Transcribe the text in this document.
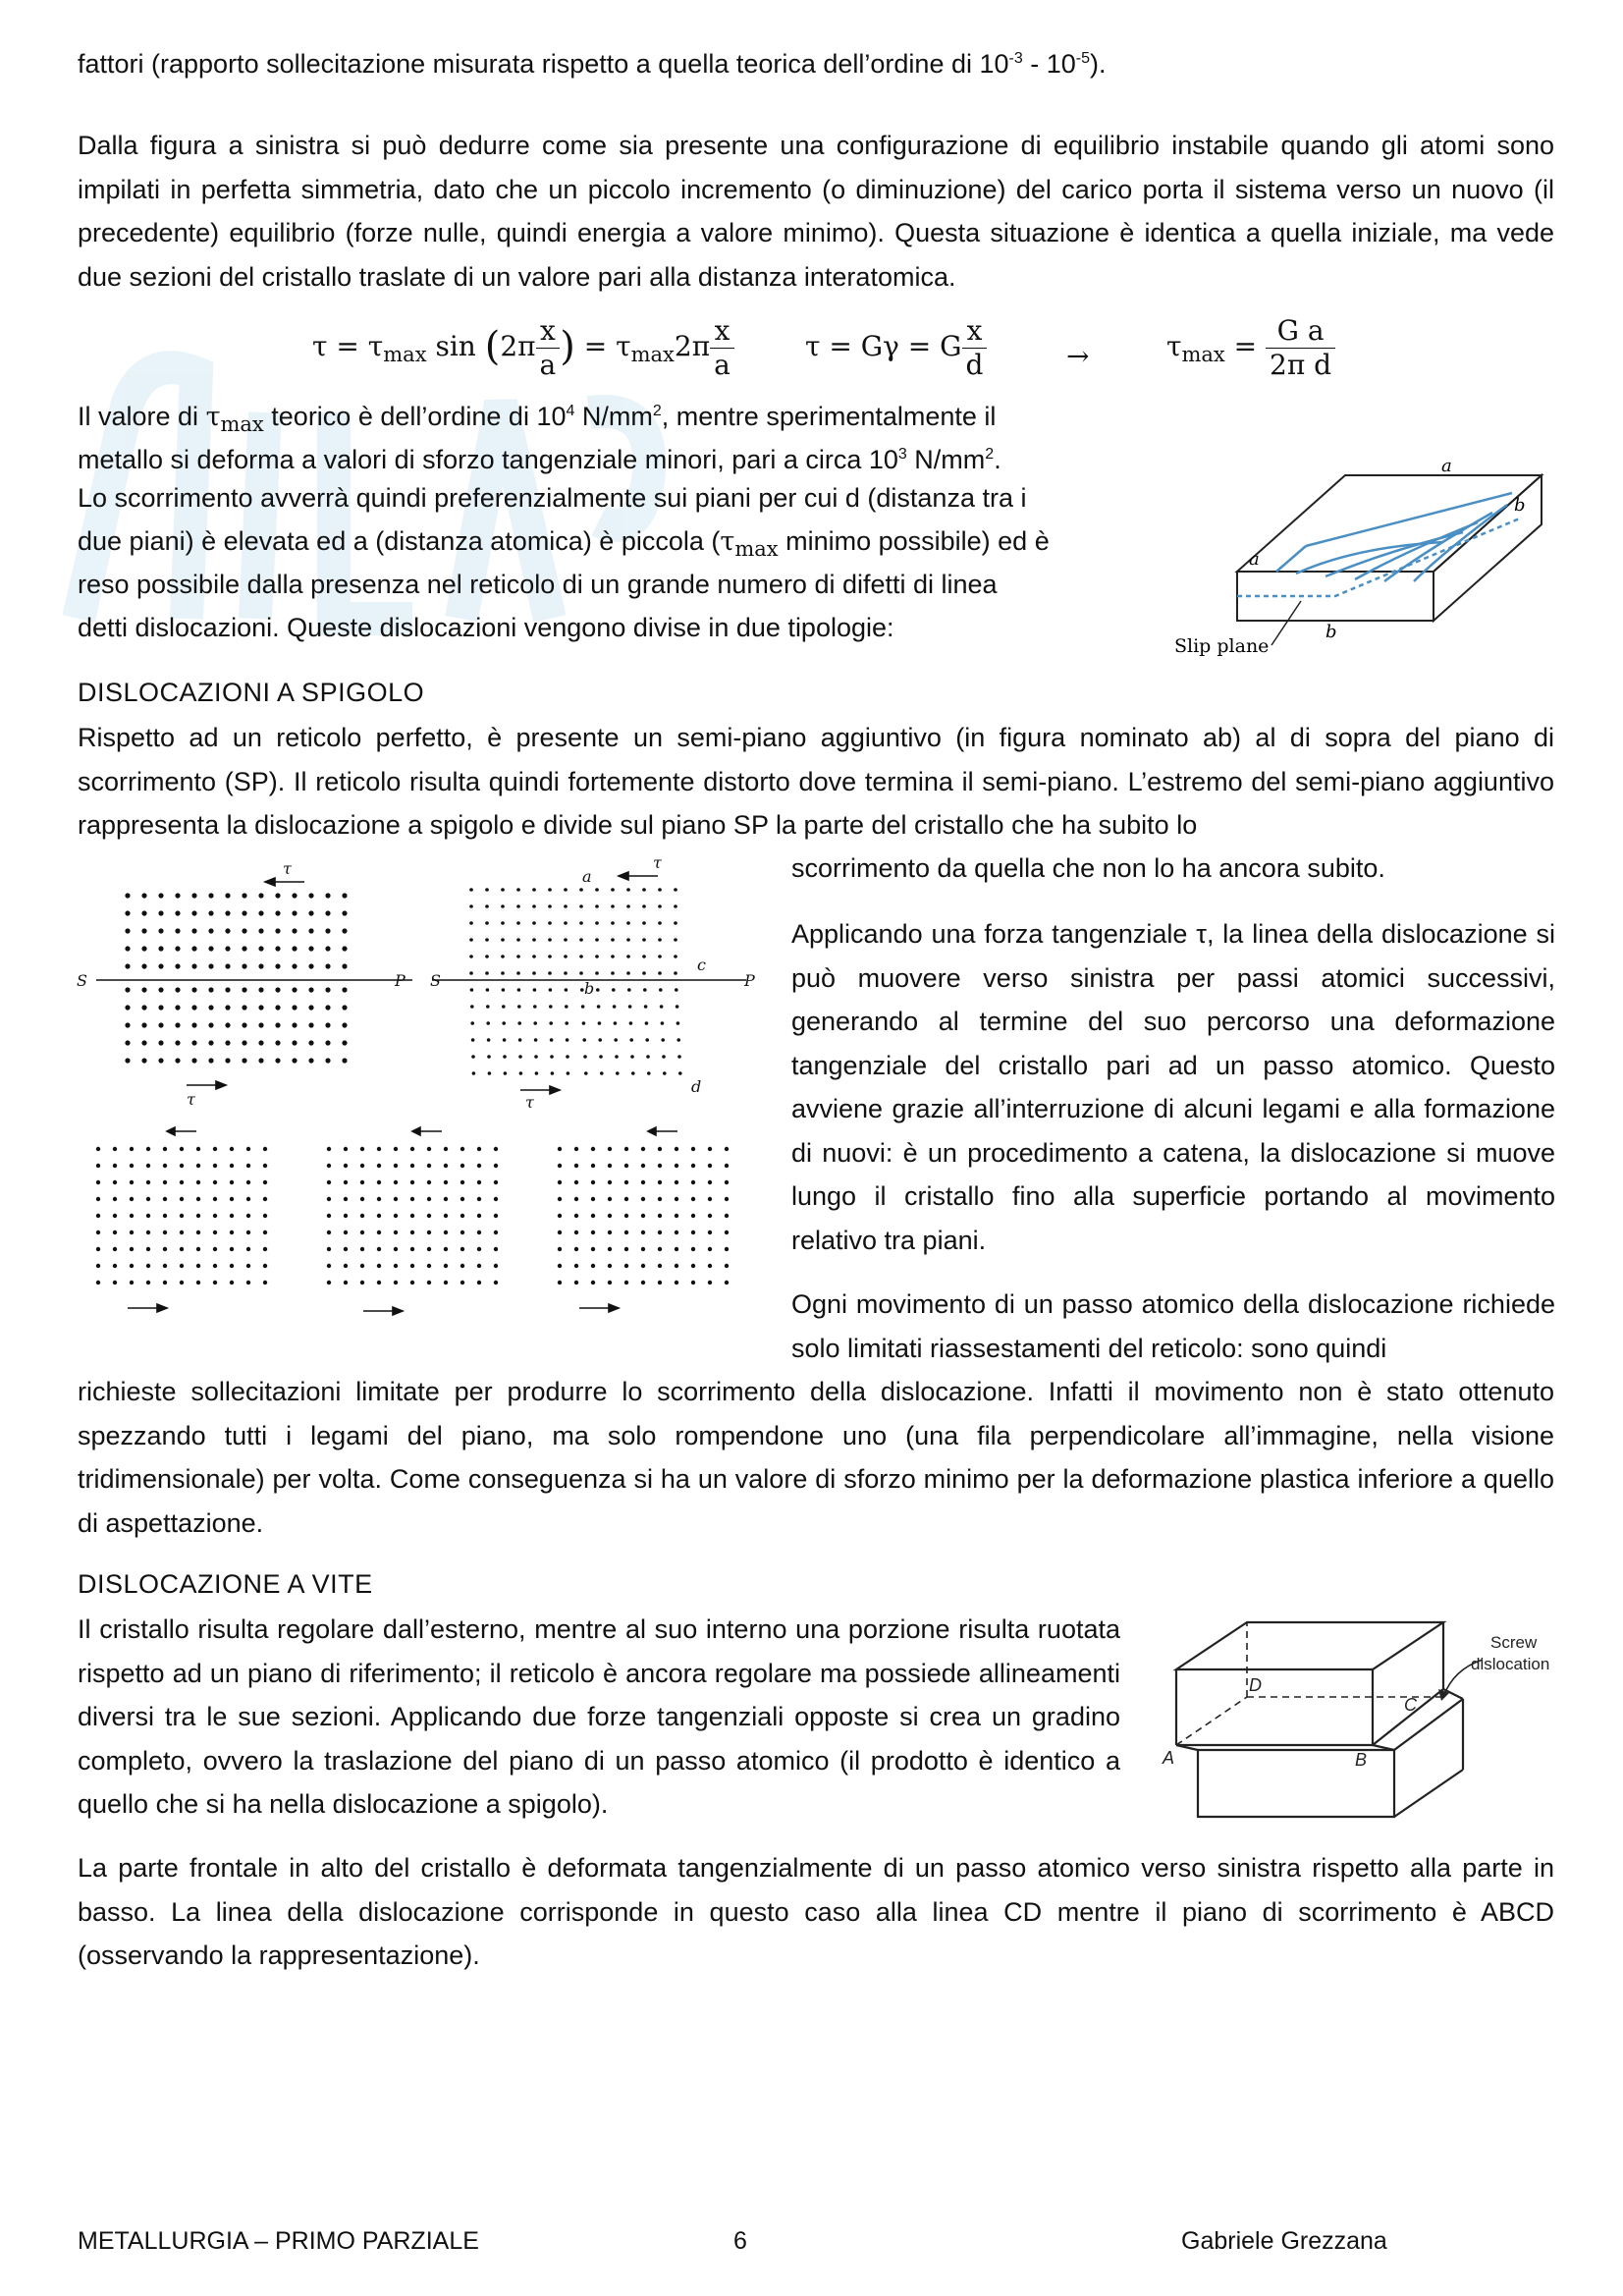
fattori (rapporto sollecitazione misurata rispetto a quella teorica dell’ordine di $10^{-3} - 10^{-5}$).
Dalla figura a sinistra si può dedurre come sia presente una configurazione di equilibrio instabile quando gli atomi sono impilati in perfetta simmetria, dato che un piccolo incremento (o diminuzione) del carico porta il sistema verso un nuovo (il precedente) equilibrio (forze nulle, quindi energia a valore minimo). Questa situazione è identica a quella iniziale, ma vede due sezioni del cristallo traslate di un valore pari alla distanza interatomica.
$\tau = \tau_{max}$ $\sin (2\pi \frac{x}{a}$ ) = $\tau_{max}2\pi \frac{x}{a}$	τ = Gγ = G $\frac{x}{d}$	→	$\tau_{max} = \frac{\text{G a}}{\text{2π d}}$
Il valore di $\tau_{max}$ teorico è dell’ordine di $10^4$ $N/mm^2$, mentre sperimentalmente il
metallo si deforma a valori di sforzo tangenziale minori, pari a circa $10^3$ $N/mm^2$.
Lo scorrimento avverrà quindi preferenzialmente sui piani per cui d (distanza tra i
due piani) è elevata ed a (distanza atomica) è piccola ($\tau_{max}$ minimo possibile) ed è
reso possibile dalla presenza nel reticolo di un grande numero di difetti di linea
detti dislocazioni. Queste dislocazioni vengono divise in due tipologie:
a
b
a
b
Slip plane
DISLOCAZIONI A SPIGOLO
Rispetto ad un reticolo perfetto, è presente un semi-piano aggiuntivo (in figura nominato ab) al di sopra del piano di scorrimento (SP). Il reticolo risulta quindi fortemente distorto dove termina il semi-piano. L’estremo del semi-piano aggiuntivo rappresenta la dislocazione a spigolo e divide sul piano SP la parte del cristallo che ha subito lo
scorrimento da quella che non lo ha ancora subito.
Applicando una forza tangenziale τ, la linea della dislocazione si può muovere verso sinistra per passi atomici successivi, generando al termine del suo percorso una deformazione tangenziale del cristallo pari ad un passo atomico. Questo avviene grazie all’interruzione di alcuni legami e alla formazione di nuovi: è un procedimento a catena, la dislocazione si muove lungo il cristallo fino alla superficie portando al movimento relativo tra piani.
S	P S	P
τ
τ
τ
τ
a
b
c
d
Ogni movimento di un passo atomico della dislocazione richiede solo limitati riassestamenti del reticolo: sono quindi
richieste sollecitazioni limitate per produrre lo scorrimento della dislocazione. Infatti il movimento non è stato ottenuto spezzando tutti i legami del piano, ma solo rompendone uno (una fila perpendicolare all’immagine, nella visione tridimensionale) per volta. Come conseguenza si ha un valore di sforzo minimo per la deformazione plastica inferiore a quello di aspettazione.
DISLOCAZIONE A VITE
Il cristallo risulta regolare dall’esterno, mentre al suo interno una porzione risulta ruotata rispetto ad un piano di riferimento; il reticolo è ancora regolare ma possiede allineamenti diversi tra le sue sezioni. Applicando due forze tangenziali opposte si crea un gradino completo, ovvero la traslazione del piano di un passo atomico (il prodotto è identico a quello che si ha nella dislocazione a spigolo).
Screw
dislocation
A	B
C
D
La parte frontale in alto del cristallo è deformata tangenzialmente di un passo atomico verso sinistra rispetto alla parte in basso. La linea della dislocazione corrisponde in questo caso alla linea CD mentre il piano di scorrimento è ABCD (osservando la rappresentazione).
METALLURGIA – PRIMO PARZIALE	6	Gabriele Grezzana
